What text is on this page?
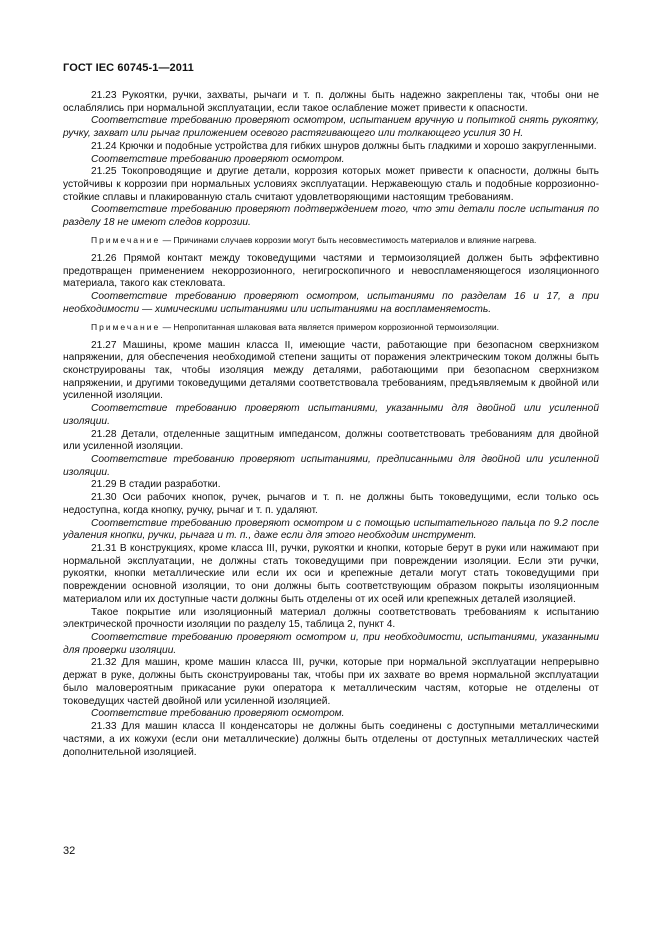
ГОСТ IEC 60745-1—2011

21.23 Рукоятки, ручки, захваты, рычаги и т. п. должны быть надежно закреплены так, чтобы они не ослаблялись при нормальной эксплуатации, если такое ослабление может привести к опасности.

Соответствие требованию проверяют осмотром, испытанием вручную и попыткой снять рукоятку, ручку, захват или рычаг приложением осевого растягивающего или толкающего усилия 30 Н.

21.24 Крючки и подобные устройства для гибких шнуров должны быть гладкими и хорошо закругленными.

Соответствие требованию проверяют осмотром.

21.25 Токопроводящие и другие детали, коррозия которых может привести к опасности, должны быть устойчивы к коррозии при нормальных условиях эксплуатации. Нержавеющую сталь и подобные коррозионно-стойкие сплавы и плакированную сталь считают удовлетворяющими настоящим требованиям.

Соответствие требованию проверяют подтверждением того, что эти детали после испытания по разделу 18 не имеют следов коррозии.

Примечание — Причинами случаев коррозии могут быть несовместимость материалов и влияние нагрева.

21.26 Прямой контакт между токоведущими частями и термоизоляцией должен быть эффективно предотвращен применением некоррозионного, негигроскопичного и невоспламеняющегося изоляционного материала, такого как стекловата.

Соответствие требованию проверяют осмотром, испытаниями по разделам 16 и 17, а при необходимости — химическими испытаниями или испытаниями на воспламеняемость.

Примечание — Непропитанная шлаковая вата является примером коррозионной термоизоляции.

21.27 Машины, кроме машин класса II, имеющие части, работающие при безопасном сверхнизком напряжении, для обеспечения необходимой степени защиты от поражения электрическим током должны быть сконструированы так, чтобы изоляция между деталями, работающими при безопасном сверхнизком напряжении, и другими токоведущими деталями соответствовала требованиям, предъявляемым к двойной или усиленной изоляции.

Соответствие требованию проверяют испытаниями, указанными для двойной или усиленной изоляции.

21.28 Детали, отделенные защитным импедансом, должны соответствовать требованиям для двойной или усиленной изоляции.

Соответствие требованию проверяют испытаниями, предписанными для двойной или усиленной изоляции.

21.29 В стадии разработки.

21.30 Оси рабочих кнопок, ручек, рычагов и т. п. не должны быть токоведущими, если только ось недоступна, когда кнопку, ручку, рычаг и т. п. удаляют.

Соответствие требованию проверяют осмотром и с помощью испытательного пальца по 9.2 после удаления кнопки, ручки, рычага и т. п., даже если для этого необходим инструмент.

21.31 В конструкциях, кроме класса III, ручки, рукоятки и кнопки, которые берут в руки или нажимают при нормальной эксплуатации, не должны стать токоведущими при повреждении изоляции. Если эти ручки, рукоятки, кнопки металлические или если их оси и крепежные детали могут стать токоведущими при повреждении основной изоляции, то они должны быть соответствующим образом покрыты изоляционным материалом или их доступные части должны быть отделены от их осей или крепежных деталей изоляцией.

Такое покрытие или изоляционный материал должны соответствовать требованиям к испытанию электрической прочности изоляции по разделу 15, таблица 2, пункт 4.

Соответствие требованию проверяют осмотром и, при необходимости, испытаниями, указанными для проверки изоляции.

21.32 Для машин, кроме машин класса III, ручки, которые при нормальной эксплуатации непрерывно держат в руке, должны быть сконструированы так, чтобы при их захвате во время нормальной эксплуатации было маловероятным прикасание руки оператора к металлическим частям, которые не отделены от токоведущих частей двойной или усиленной изоляцией.

Соответствие требованию проверяют осмотром.

21.33 Для машин класса II конденсаторы не должны быть соединены с доступными металлическими частями, а их кожухи (если они металлические) должны быть отделены от доступных металлических частей дополнительной изоляцией.

32
